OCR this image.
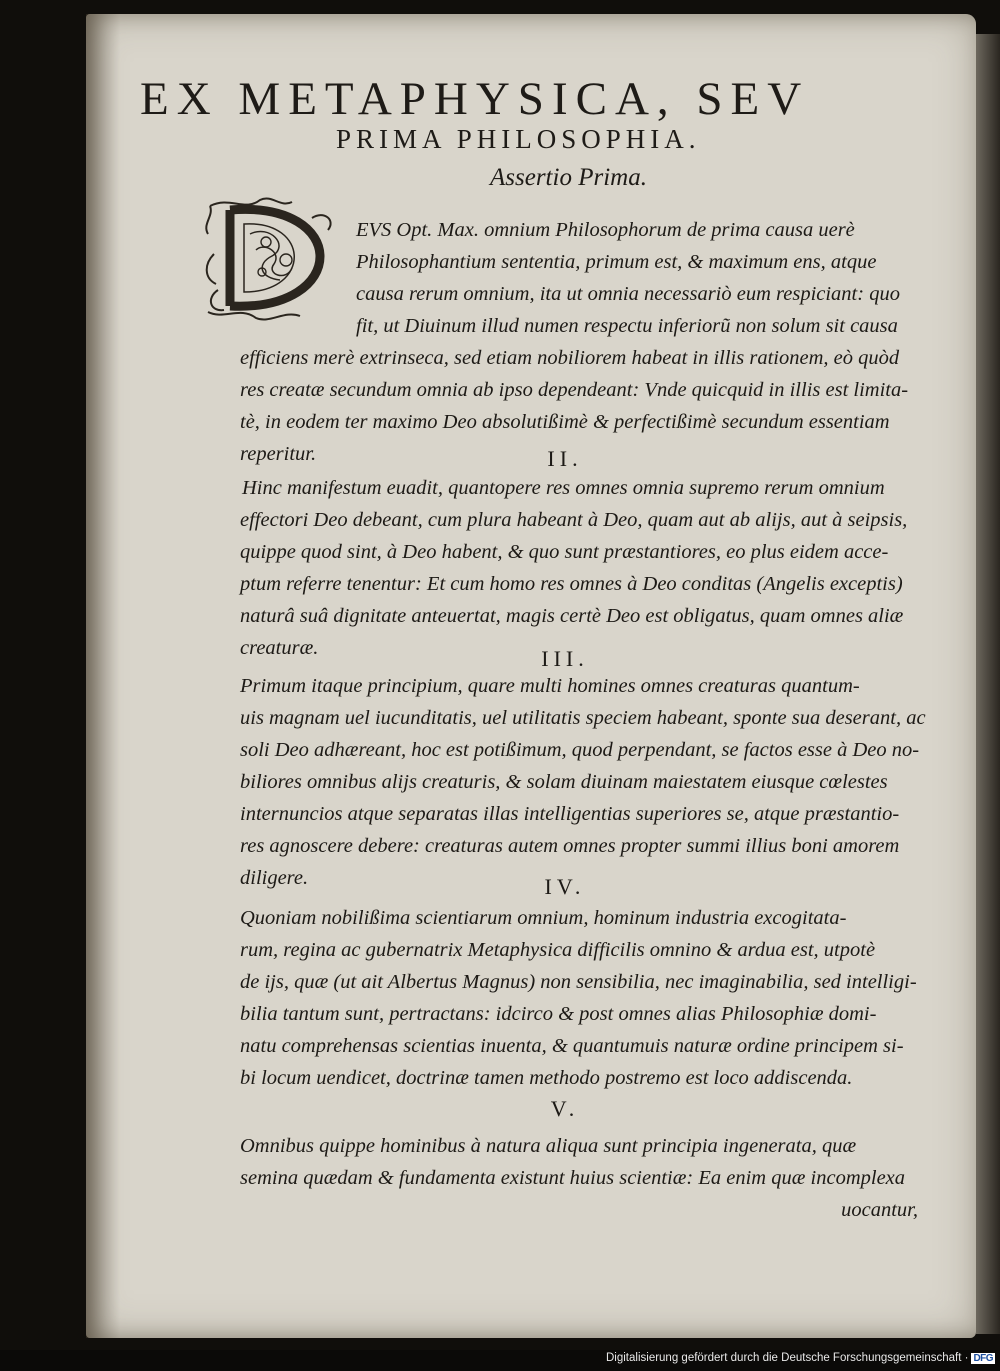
EX METAPHYSICA, SEV
PRIMA PHILOSOPHIA.
Assertio Prima.
EVS Opt. Max. omnium Philosophorum de prima causa uerè
Philosophantium sententia, primum est, & maximum ens, atque
causa rerum omnium, ita ut omnia necessariò eum respiciant: quo
fit, ut Diuinum illud numen respectu inferiorũ non solum sit causa
efficiens merè extrinseca, sed etiam nobiliorem habeat in illis rationem, eò quòd
res creatæ secundum omnia ab ipso dependeant: Vnde quicquid in illis est limita-
tè, in eodem ter maximo Deo absolutißimè & perfectißimè secundum essentiam
reperitur.	II.
Hinc manifestum euadit, quantopere res omnes omnia supremo rerum omnium
effectori Deo debeant, cum plura habeant à Deo, quam aut ab alijs, aut à seipsis,
quippe quod sint, à Deo habent, & quo sunt præstantiores, eo plus eidem acce-
ptum referre tenentur: Et cum homo res omnes à Deo conditas (Angelis exceptis)
naturâ suâ dignitate anteuertat, magis certè Deo est obligatus, quam omnes aliæ
creaturæ.	III.
Primum itaque principium, quare multi homines omnes creaturas quantum-
uis magnam uel iucunditatis, uel utilitatis speciem habeant, sponte sua deserant, ac
soli Deo adhæreant, hoc est potißimum, quod perpendant, se factos esse à Deo no-
biliores omnibus alijs creaturis, & solam diuinam maiestatem eiusque cœlestes
internuncios atque separatas illas intelligentias superiores se, atque præstantio-
res agnoscere debere: creaturas autem omnes propter summi illius boni amorem
diligere.	IV.
Quoniam nobilißima scientiarum omnium, hominum industria excogitata-
rum, regina ac gubernatrix Metaphysica difficilis omnino & ardua est, utpotè
de ijs, quæ (ut ait Albertus Magnus) non sensibilia, nec imaginabilia, sed intelligi-
bilia tantum sunt, pertractans: idcirco & post omnes alias Philosophiæ domi-
natu comprehensas scientias inuenta, & quantumuis naturæ ordine principem si-
bi locum uendicet, doctrinæ tamen methodo postremo est loco addiscenda.
V.
Omnibus quippe hominibus à natura aliqua sunt principia ingenerata, quæ
semina quædam & fundamenta existunt huius scientiæ: Ea enim quæ incomplexa
uocantur,
Digitalisierung gefördert durch die Deutsche Forschungsgemeinschaft · DFG
